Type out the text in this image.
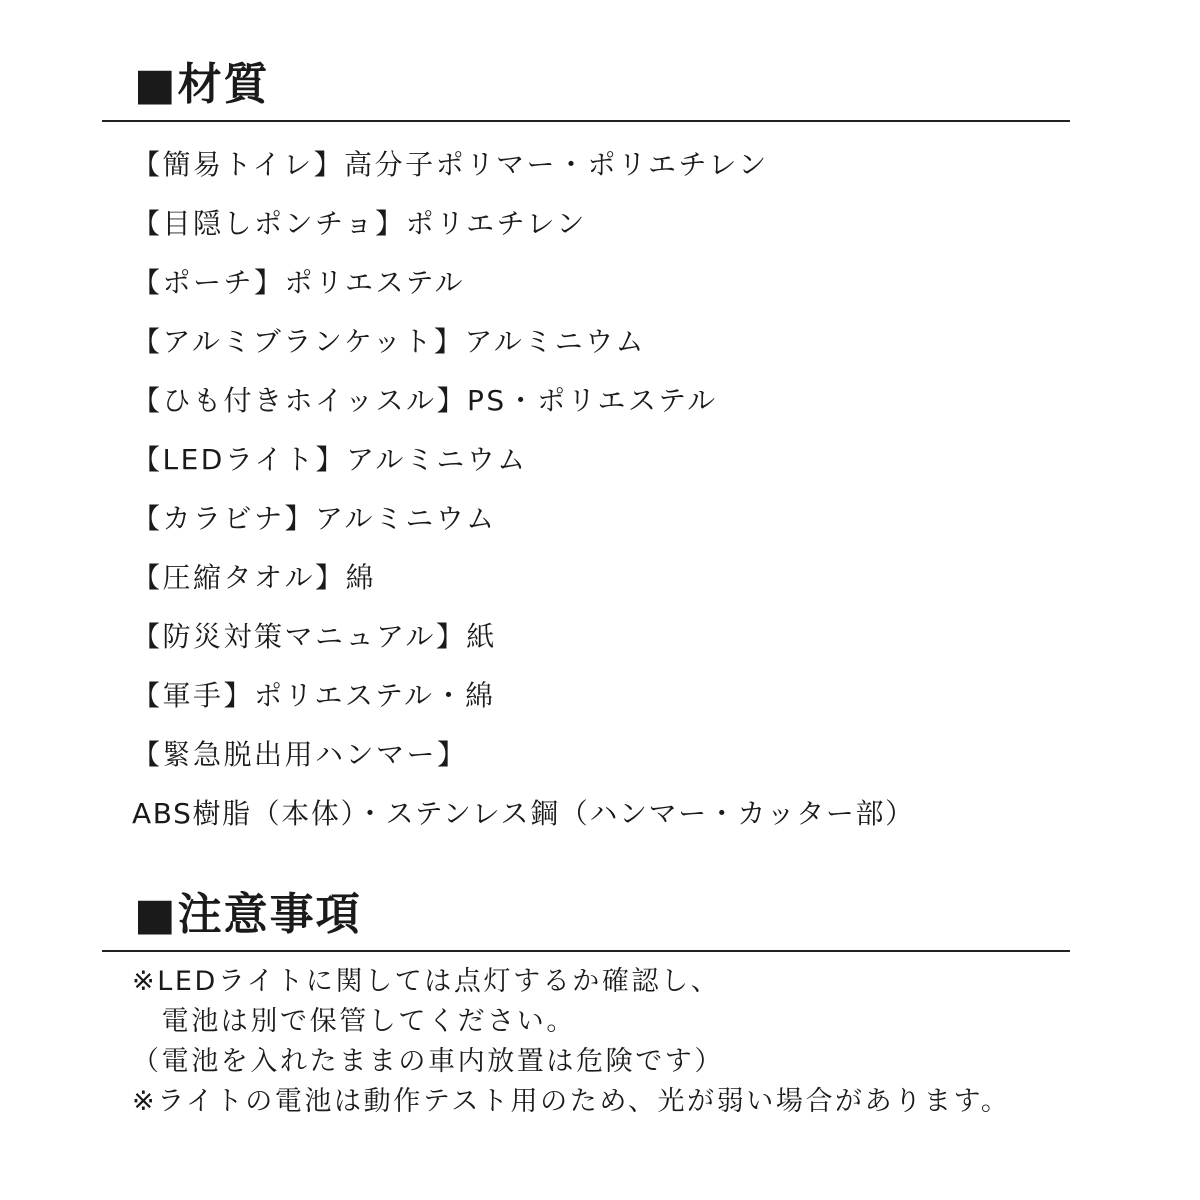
■材質
【簡易トイレ】高分子ポリマー・ポリエチレン
【目隠しポンチョ】ポリエチレン
【ポーチ】ポリエステル
【アルミブランケット】アルミニウム
【ひも付きホイッスル】PS・ポリエステル
【LEDライト】アルミニウム
【カラビナ】アルミニウム
【圧縮タオル】綿
【防災対策マニュアル】紙
【軍手】ポリエステル・綿
【緊急脱出用ハンマー】
ABS樹脂（本体）・ステンレス鋼（ハンマー・カッター部）
■注意事項
※LEDライトに関しては点灯するか確認し、
　電池は別で保管してください。
（電池を入れたままの車内放置は危険です）
※ライトの電池は動作テスト用のため、光が弱い場合があります。
